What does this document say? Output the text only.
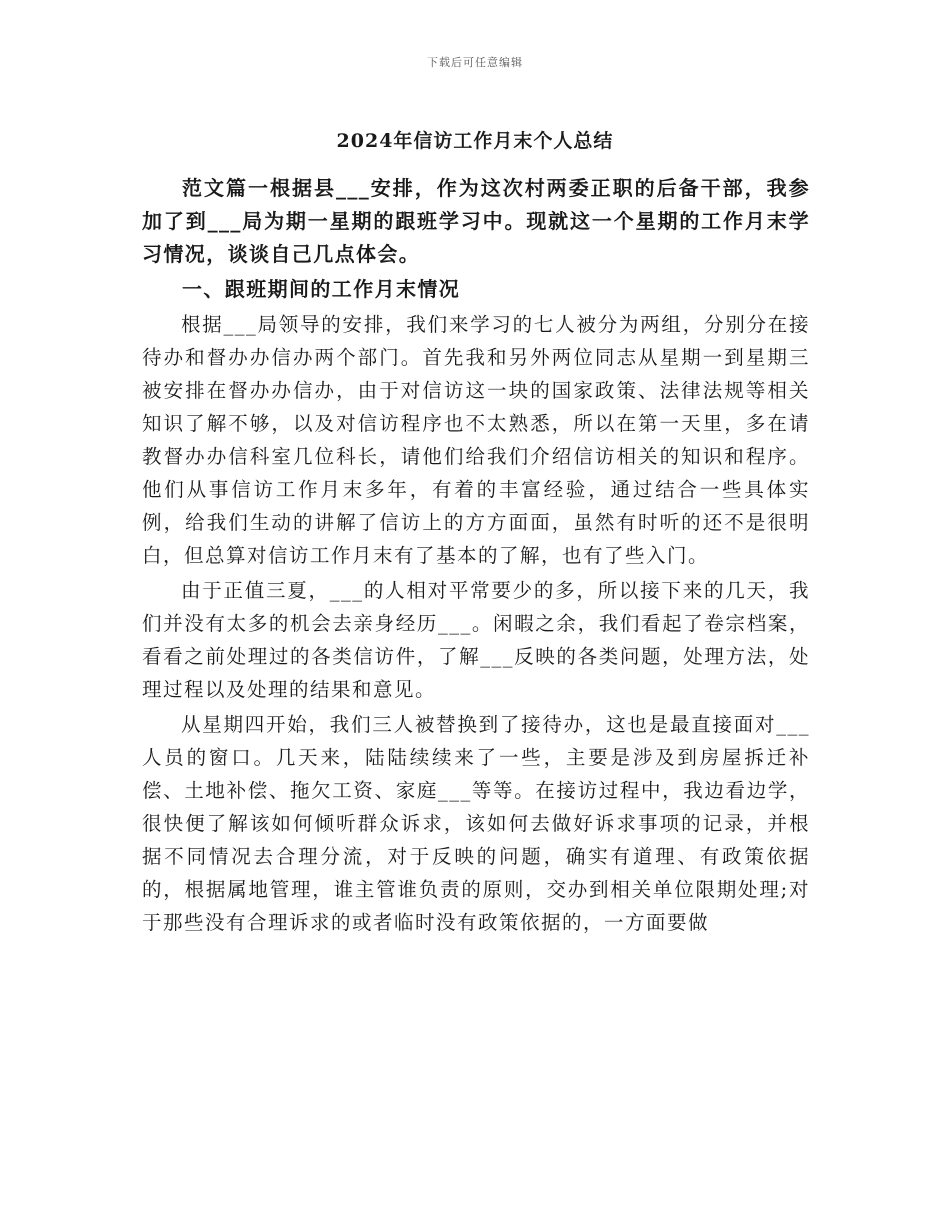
下载后可任意编辑
2024年信访工作月末个人总结

范文篇一根据县___安排，作为这次村两委正职的后备干部，我参加了到___局为期一星期的跟班学习中。现就这一个星期的工作月末学习情况，谈谈自己几点体会。

一、跟班期间的工作月末情况

根据___局领导的安排，我们来学习的七人被分为两组，分别分在接待办和督办办信办两个部门。首先我和另外两位同志从星期一到星期三被安排在督办办信办，由于对信访这一块的国家政策、法律法规等相关知识了解不够，以及对信访程序也不太熟悉，所以在第一天里，多在请教督办办信科室几位科长，请他们给我们介绍信访相关的知识和程序。他们从事信访工作月末多年，有着的丰富经验，通过结合一些具体实例，给我们生动的讲解了信访上的方方面面，虽然有时听的还不是很明白，但总算对信访工作月末有了基本的了解，也有了些入门。

由于正值三夏，___的人相对平常要少的多，所以接下来的几天，我们并没有太多的机会去亲身经历___。闲暇之余，我们看起了卷宗档案，看看之前处理过的各类信访件，了解___反映的各类问题，处理方法，处理过程以及处理的结果和意见。

从星期四开始，我们三人被替换到了接待办，这也是最直接面对___人员的窗口。几天来，陆陆续续来了一些，主要是涉及到房屋拆迁补偿、土地补偿、拖欠工资、家庭___等等。在接访过程中，我边看边学，很快便了解该如何倾听群众诉求，该如何去做好诉求事项的记录，并根据不同情况去合理分流，对于反映的问题，确实有道理、有政策依据的，根据属地管理，谁主管谁负责的原则，交办到相关单位限期处理;对于那些没有合理诉求的或者临时没有政策依据的，一方面要做
